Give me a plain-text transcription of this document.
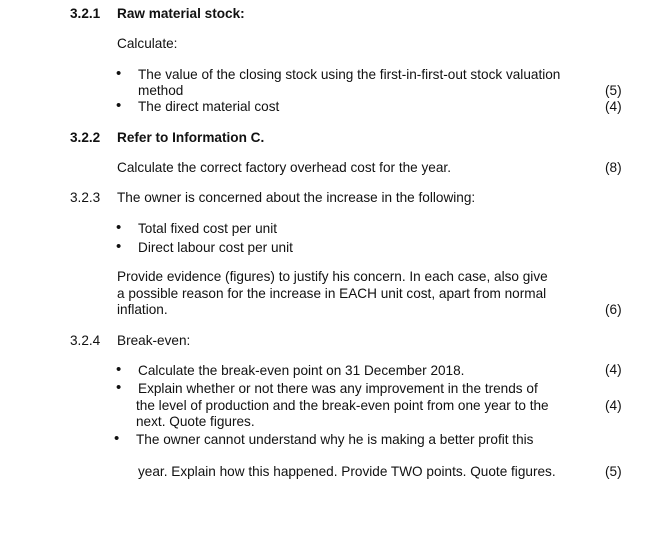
3.2.1 Raw material stock:
Calculate:
• The value of the closing stock using the first-in-first-out stock valuation
method	(5)
• The direct material cost	(4)
3.2.2 Refer to Information C.
Calculate the correct factory overhead cost for the year.	(8)
3.2.3 The owner is concerned about the increase in the following:
• Total fixed cost per unit
• Direct labour cost per unit
Provide evidence (figures) to justify his concern. In each case, also give
a possible reason for the increase in EACH unit cost, apart from normal
inflation.	(6)
3.2.4 Break-even:
• Calculate the break-even point on 31 December 2018.	(4)
• Explain whether or not there was any improvement in the trends of
the level of production and the break-even point from one year to the	(4)
next. Quote figures.
• The owner cannot understand why he is making a better profit this
year. Explain how this happened. Provide TWO points. Quote figures.	(5)
